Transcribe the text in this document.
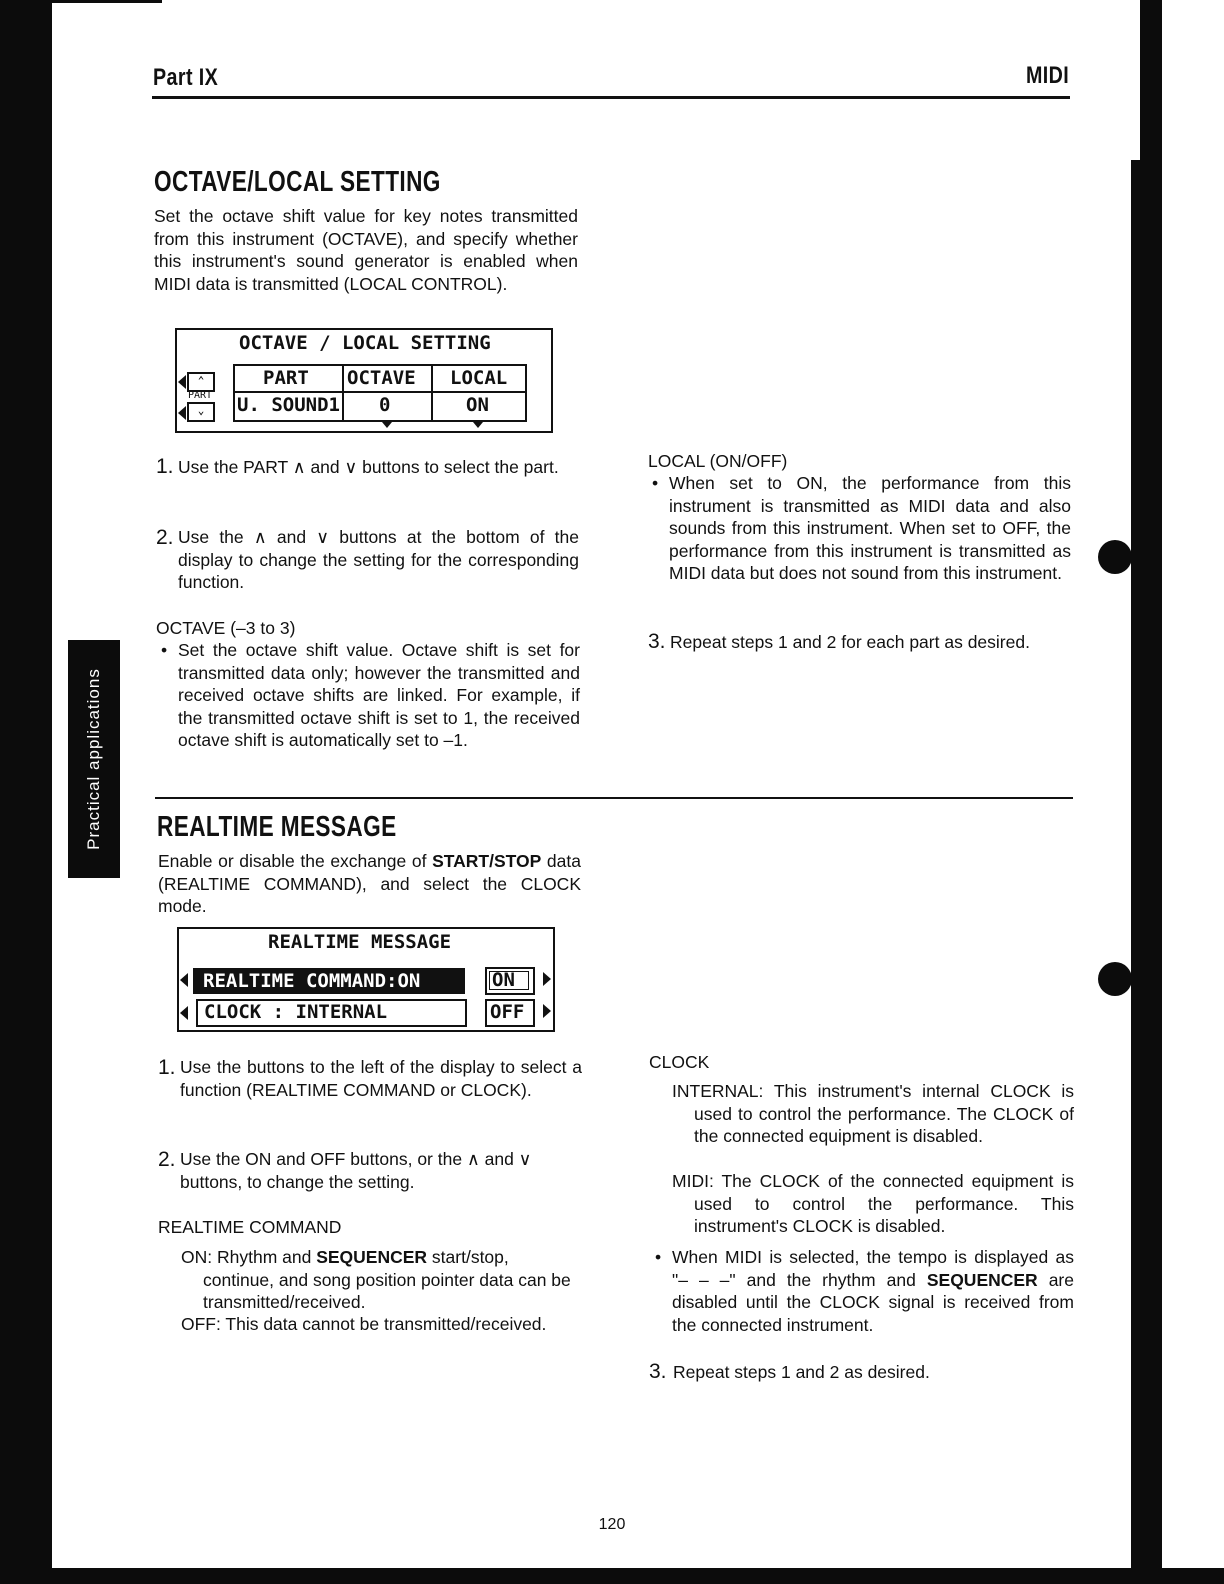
Part IX	MIDI
Practical applications
OCTAVE/LOCAL SETTING
Set the octave shift value for key notes transmitted from this instrument (OCTAVE), and specify whether this instrument's sound generator is enabled when MIDI data is transmitted (LOCAL CONTROL).
OCTAVE / LOCAL SETTING
⌃
PART
⌄
PART OCTAVE LOCAL
U. SOUND1 0	ON
1. Use the PART ∧ and ∨ buttons to select the part.
2. Use the ∧ and ∨ buttons at the bottom of the display to change the setting for the corresponding function.
OCTAVE (–3 to 3)
• Set the octave shift value. Octave shift is set for transmitted data only; however the transmitted and received octave shifts are linked. For example, if the transmitted octave shift is set to 1, the received octave shift is automatically set to –1.
LOCAL (ON/OFF)
• When set to ON, the performance from this instrument is transmitted as MIDI data and also sounds from this instrument. When set to OFF, the performance from this instrument is transmitted as MIDI data but does not sound from this instrument.
3. Repeat steps 1 and 2 for each part as desired.
REALTIME MESSAGE
Enable or disable the exchange of START/STOP data (REALTIME COMMAND), and select the CLOCK mode.
REALTIME MESSAGE
REALTIME COMMAND:ON
CLOCK : INTERNAL
ON
OFF
1. Use the buttons to the left of the display to select a function (REALTIME COMMAND or CLOCK).
2. Use the ON and OFF buttons, or the ∧ and ∨ buttons, to change the setting.
REALTIME COMMAND
ON: Rhythm and SEQUENCER start/stop, continue, and song position pointer data can be transmitted/received.
OFF: This data cannot be transmitted/received.
CLOCK
INTERNAL: This instrument's internal CLOCK is used to control the performance. The CLOCK of the connected equipment is disabled.
MIDI: The CLOCK of the connected equipment is used to control the performance. This instrument's CLOCK is disabled.
• When MIDI is selected, the tempo is displayed as "– – –" and the rhythm and SEQUENCER are disabled until the CLOCK signal is received from the connected instrument.
3. Repeat steps 1 and 2 as desired.
120
